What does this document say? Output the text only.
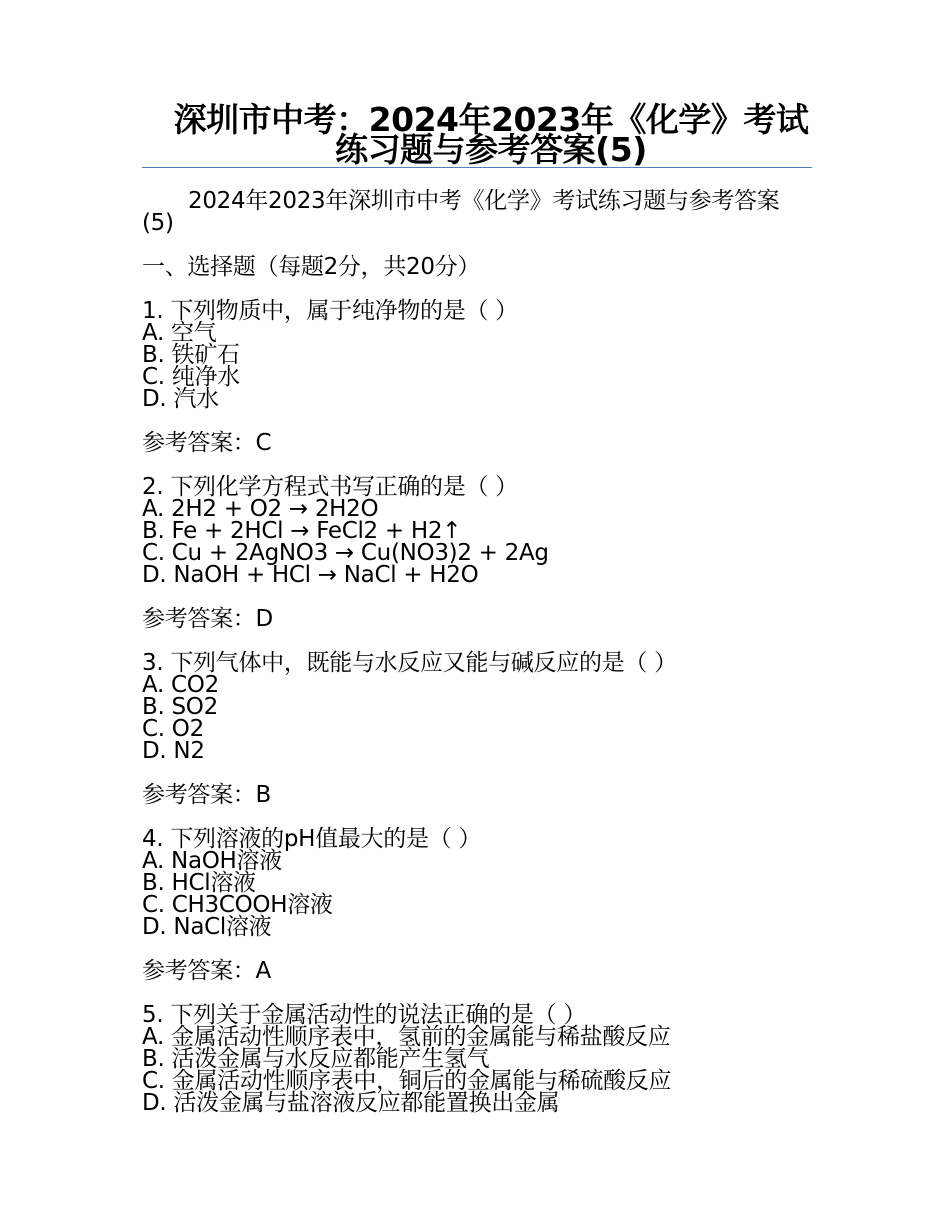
深圳市中考：2024年2023年《化学》考试练习题与参考答案(5)

2024年2023年深圳市中考《化学》考试练习题与参考答案(5)

一、选择题（每题2分，共20分）

1. 下列物质中，属于纯净物的是（ ）

A. 空气

B. 铁矿石

C. 纯净水

D. 汽水

参考答案：C

2. 下列化学方程式书写正确的是（ ）

A. 2H2 + O2 → 2H2O

B. Fe + 2HCl → FeCl2 + H2↑

C. Cu + 2AgNO3 → Cu(NO3)2 + 2Ag

D. NaOH + HCl → NaCl + H2O

参考答案：D

3. 下列气体中，既能与水反应又能与碱反应的是（ ）

A. CO2

B. SO2

C. O2

D. N2

参考答案：B

4. 下列溶液的pH值最大的是（ ）

A. NaOH溶液

B. HCl溶液

C. CH3COOH溶液

D. NaCl溶液

参考答案：A

5. 下列关于金属活动性的说法正确的是（ ）

A. 金属活动性顺序表中，氢前的金属能与稀盐酸反应

B. 活泼金属与水反应都能产生氢气

C. 金属活动性顺序表中，铜后的金属能与稀硫酸反应

D. 活泼金属与盐溶液反应都能置换出金属
